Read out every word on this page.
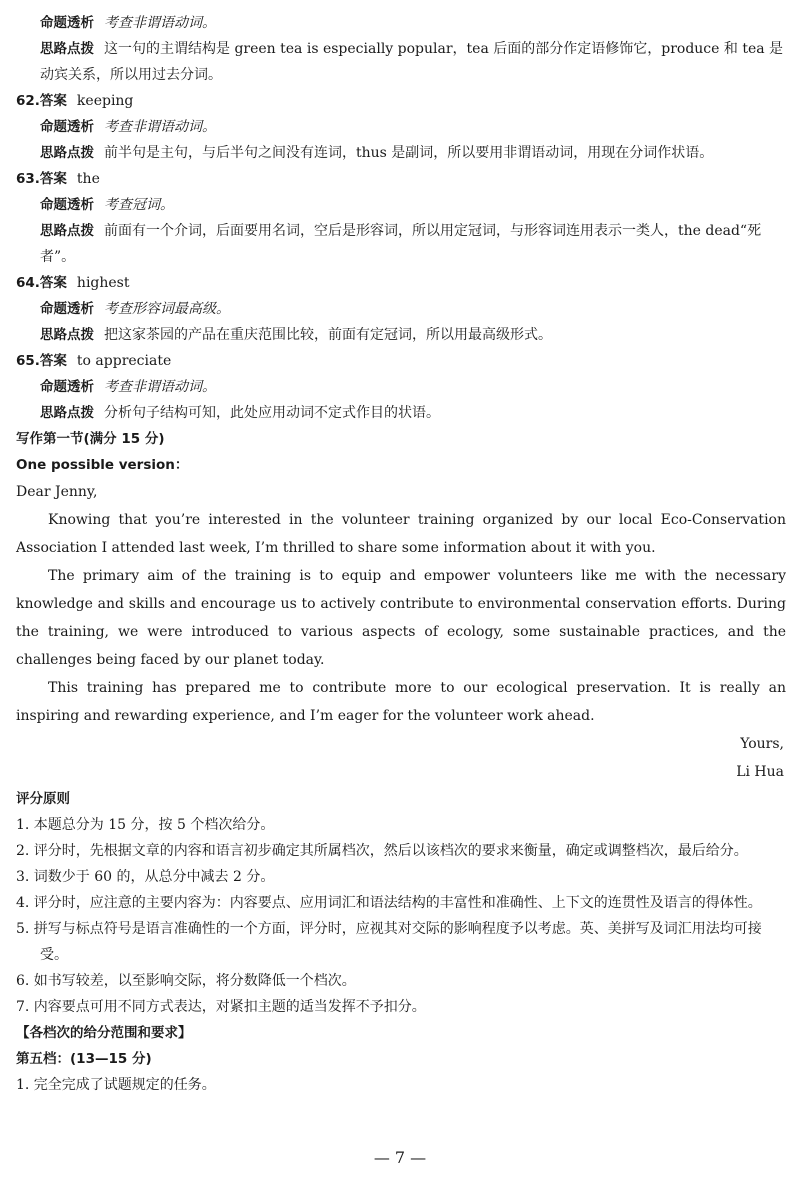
命题透析 考查非谓语动词。
思路点拨 这一句的主谓结构是 green tea is especially popular，tea 后面的部分作定语修饰它，produce 和 tea 是动宾关系，所以用过去分词。
62.答案 keeping
命题透析 考查非谓语动词。
思路点拨 前半句是主句，与后半句之间没有连词，thus 是副词，所以要用非谓语动词，用现在分词作状语。
63.答案 the
命题透析 考查冠词。
思路点拨 前面有一个介词，后面要用名词，空后是形容词，所以用定冠词，与形容词连用表示一类人，the dead“死者”。
64.答案 highest
命题透析 考查形容词最高级。
思路点拨 把这家茶园的产品在重庆范围比较，前面有定冠词，所以用最高级形式。
65.答案 to appreciate
命题透析 考查非谓语动词。
思路点拨 分析句子结构可知，此处应用动词不定式作目的状语。
写作第一节(满分 15 分)
One possible version：

Dear Jenny,

Knowing that you’re interested in the volunteer training organized by our local Eco-Conservation Association I attended last week, I’m thrilled to share some information about it with you.

The primary aim of the training is to equip and empower volunteers like me with the necessary knowledge and skills and encourage us to actively contribute to environmental conservation efforts. During the training, we were introduced to various aspects of ecology, some sustainable practices, and the challenges being faced by our planet today.

This training has prepared me to contribute more to our ecological preservation. It is really an inspiring and rewarding experience, and I’m eager for the volunteer work ahead.

Yours,
Li Hua
评分原则
1. 本题总分为 15 分，按 5 个档次给分。
2. 评分时，先根据文章的内容和语言初步确定其所属档次，然后以该档次的要求来衡量，确定或调整档次，最后给分。
3. 词数少于 60 的，从总分中减去 2 分。
4. 评分时，应注意的主要内容为：内容要点、应用词汇和语法结构的丰富性和准确性、上下文的连贯性及语言的得体性。
5. 拼写与标点符号是语言准确性的一个方面，评分时，应视其对交际的影响程度予以考虑。英、美拼写及词汇用法均可接受。
6. 如书写较差，以至影响交际，将分数降低一个档次。
7. 内容要点可用不同方式表达，对紧扣主题的适当发挥不予扣分。
【各档次的给分范围和要求】
第五档：(13—15 分)
1. 完全完成了试题规定的任务。
— 7 —
